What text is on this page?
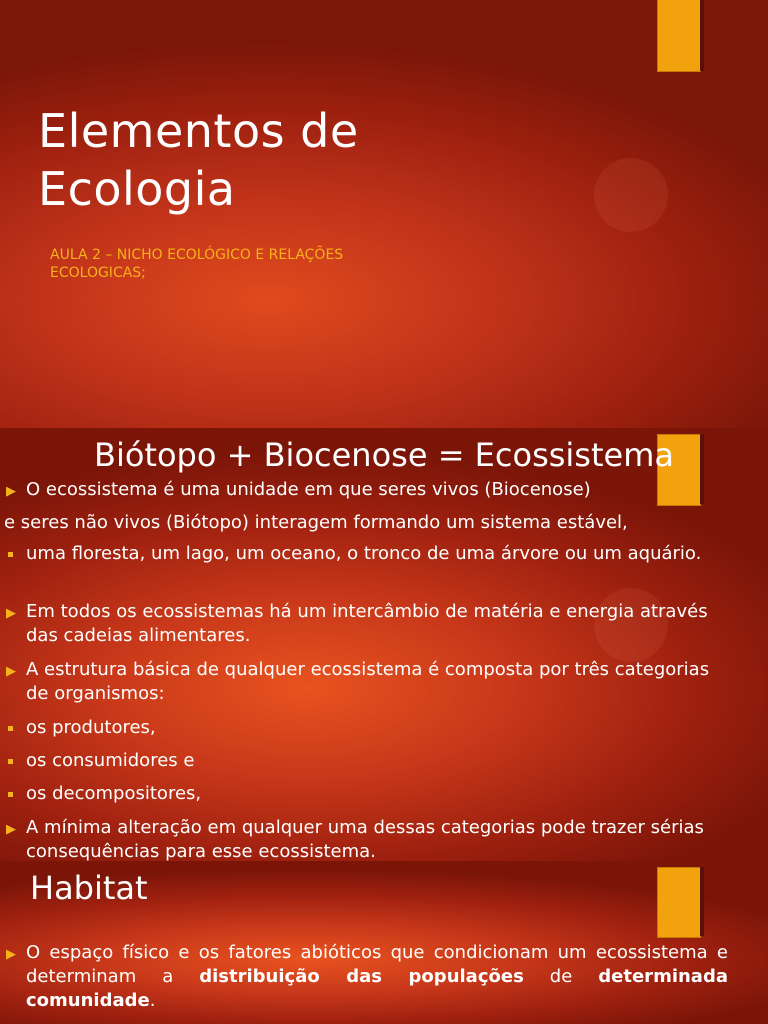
Elementos de
Ecologia

AULA 2 – NICHO ECOLÓGICO E RELAÇÕES ECOLOGICAS;

Biótopo + Biocenose = Ecossistema
▶ O ecossistema é uma unidade em que seres vivos (Biocenose)
e seres não vivos (Biótopo) interagem formando um sistema estável,
uma floresta, um lago, um oceano, o tronco de uma árvore ou um aquário.
▶ Em todos os ecossistemas há um intercâmbio de matéria e energia através das cadeias alimentares.
▶ A estrutura básica de qualquer ecossistema é composta por três categorias de organismos:
os produtores,
os consumidores e
os decompositores,
▶ A mínima alteração em qualquer uma dessas categorias pode trazer sérias consequências para esse ecossistema.
Habitat
▶ O espaço físico e os fatores abióticos que condicionam um ecossistema e determinam a distribuição das populações de determinada comunidade.
